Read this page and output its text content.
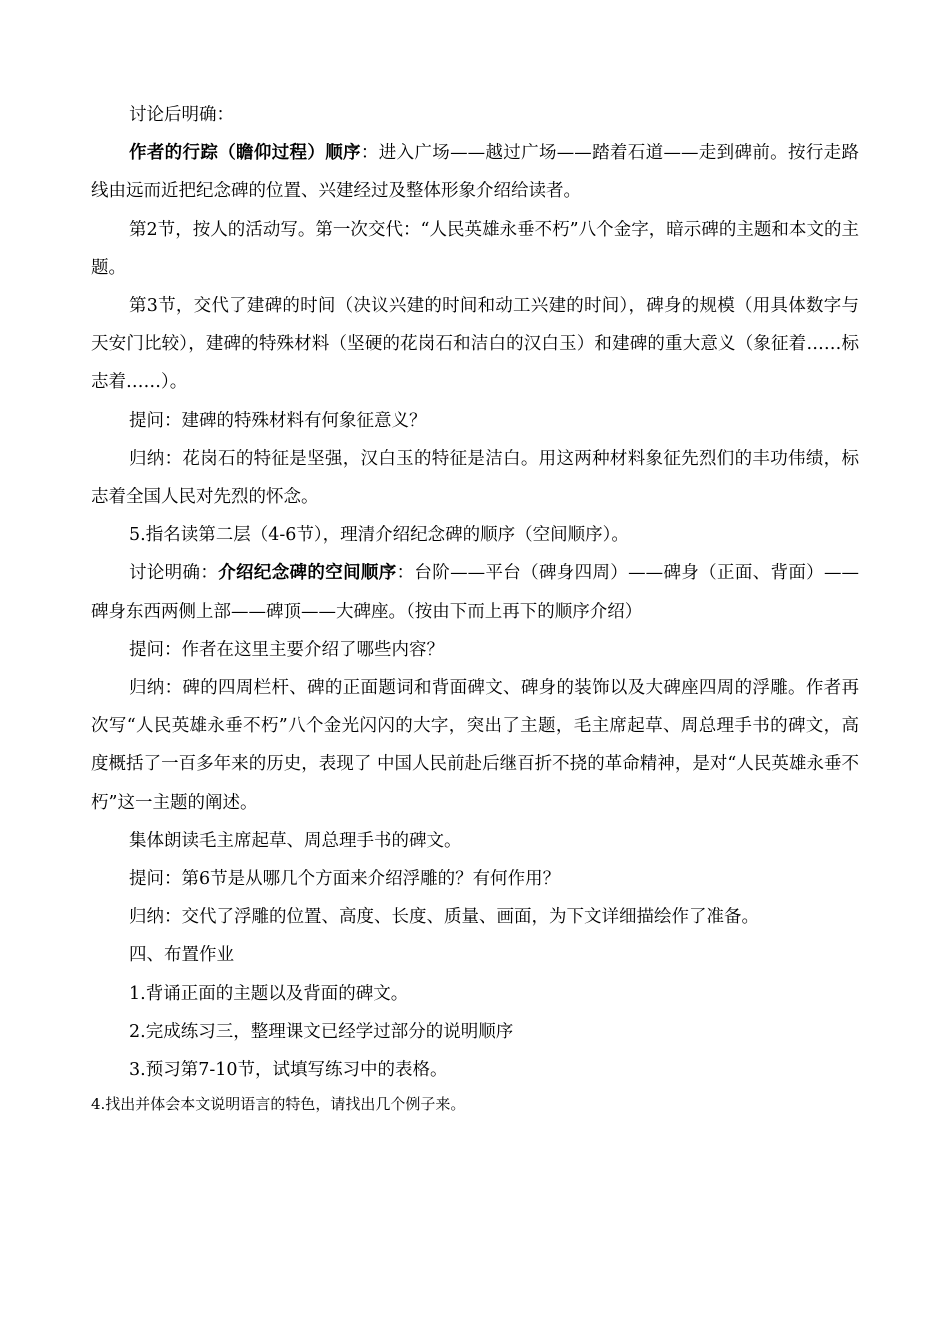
讨论后明确：

作者的行踪（瞻仰过程）顺序：进入广场——越过广场——踏着石道——走到碑前。按行走路线由远而近把纪念碑的位置、兴建经过及整体形象介绍给读者。

第2节，按人的活动写。第一次交代：“人民英雄永垂不朽”八个金字，暗示碑的主题和本文的主题。

第3节，交代了建碑的时间（决议兴建的时间和动工兴建的时间），碑身的规模（用具体数字与天安门比较），建碑的特殊材料（坚硬的花岗石和洁白的汉白玉）和建碑的重大意义（象征着……标志着……）。

提问：建碑的特殊材料有何象征意义？

归纳：花岗石的特征是坚强，汉白玉的特征是洁白。用这两种材料象征先烈们的丰功伟绩，标志着全国人民对先烈的怀念。

5.指名读第二层（4-6节），理清介绍纪念碑的顺序（空间顺序）。

讨论明确：介绍纪念碑的空间顺序：台阶——平台（碑身四周）——碑身（正面、背面）——碑身东西两侧上部——碑顶——大碑座。（按由下而上再下的顺序介绍）

提问：作者在这里主要介绍了哪些内容？

归纳：碑的四周栏杆、碑的正面题词和背面碑文、碑身的装饰以及大碑座四周的浮雕。作者再次写“人民英雄永垂不朽”八个金光闪闪的大字，突出了主题，毛主席起草、周总理手书的碑文，高度概括了一百多年来的历史，表现了 中国人民前赴后继百折不挠的革命精神，是对“人民英雄永垂不朽”这一主题的阐述。

集体朗读毛主席起草、周总理手书的碑文。

提问：第6节是从哪几个方面来介绍浮雕的？有何作用？

归纳：交代了浮雕的位置、高度、长度、质量、画面，为下文详细描绘作了准备。

四、布置作业

1.背诵正面的主题以及背面的碑文。

2.完成练习三，整理课文已经学过部分的说明顺序

3.预习第7-10节，试填写练习中的表格。

4.找出并体会本文说明语言的特色，请找出几个例子来。
